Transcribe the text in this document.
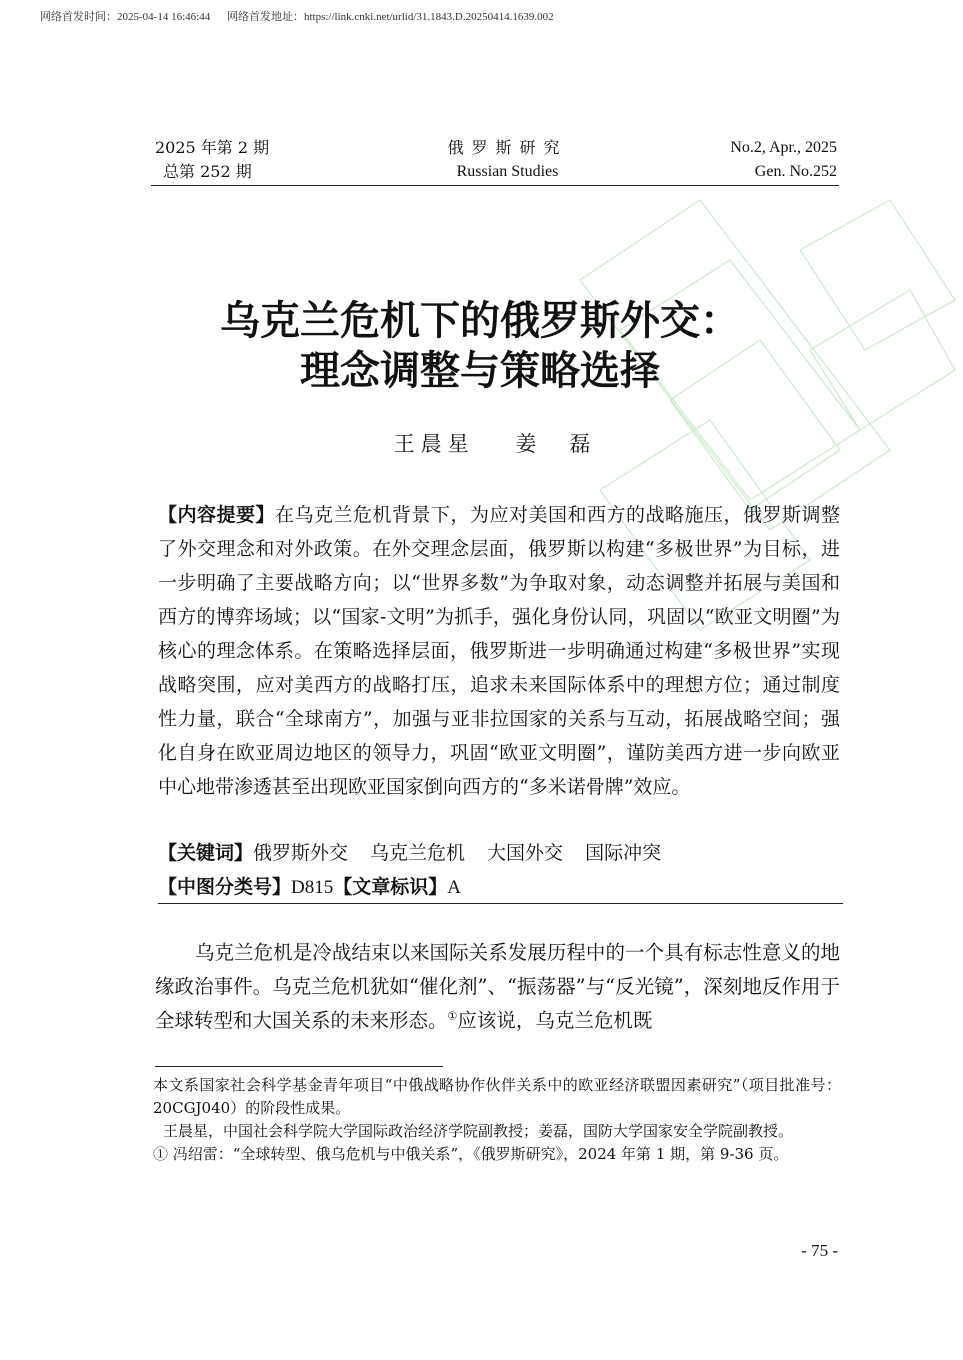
网络首发时间：2025-04-14 16:46:44 网络首发地址：https://link.cnki.net/urlid/31.1843.D.20250414.1639.002
2025 年第 2 期
总第 252 期
俄罗斯研究
Russian Studies
No.2, Apr., 2025
Gen. No.252
乌克兰危机下的俄罗斯外交：
理念调整与策略选择
王晨星 姜　磊
【内容提要】在乌克兰危机背景下，为应对美国和西方的战略施压，俄罗斯调整了外交理念和对外政策。在外交理念层面，俄罗斯以构建“多极世界”为目标，进一步明确了主要战略方向；以“世界多数”为争取对象，动态调整并拓展与美国和西方的博弈场域；以“国家-文明”为抓手，强化身份认同，巩固以“欧亚文明圈”为核心的理念体系。在策略选择层面，俄罗斯进一步明确通过构建“多极世界”实现战略突围，应对美西方的战略打压，追求未来国际体系中的理想方位；通过制度性力量，联合“全球南方”，加强与亚非拉国家的关系与互动，拓展战略空间；强化自身在欧亚周边地区的领导力，巩固“欧亚文明圈”，谨防美西方进一步向欧亚中心地带渗透甚至出现欧亚国家倒向西方的“多米诺骨牌”效应。
【关键词】俄罗斯外交 乌克兰危机 大国外交 国际冲突
【中图分类号】D815【文章标识】A
乌克兰危机是冷战结束以来国际关系发展历程中的一个具有标志性意义的地缘政治事件。乌克兰危机犹如“催化剂”、“振荡器”与“反光镜”，深刻地反作用于全球转型和大国关系的未来形态。①应该说，乌克兰危机既

本文系国家社会科学基金青年项目“中俄战略协作伙伴关系中的欧亚经济联盟因素研究”（项目批准号：20CGJ040）的阶段性成果。

王晨星，中国社会科学院大学国际政治经济学院副教授；姜磊，国防大学国家安全学院副教授。

① 冯绍雷：“全球转型、俄乌危机与中俄关系”，《俄罗斯研究》，2024 年第 1 期，第 9-36 页。

- 75 -
